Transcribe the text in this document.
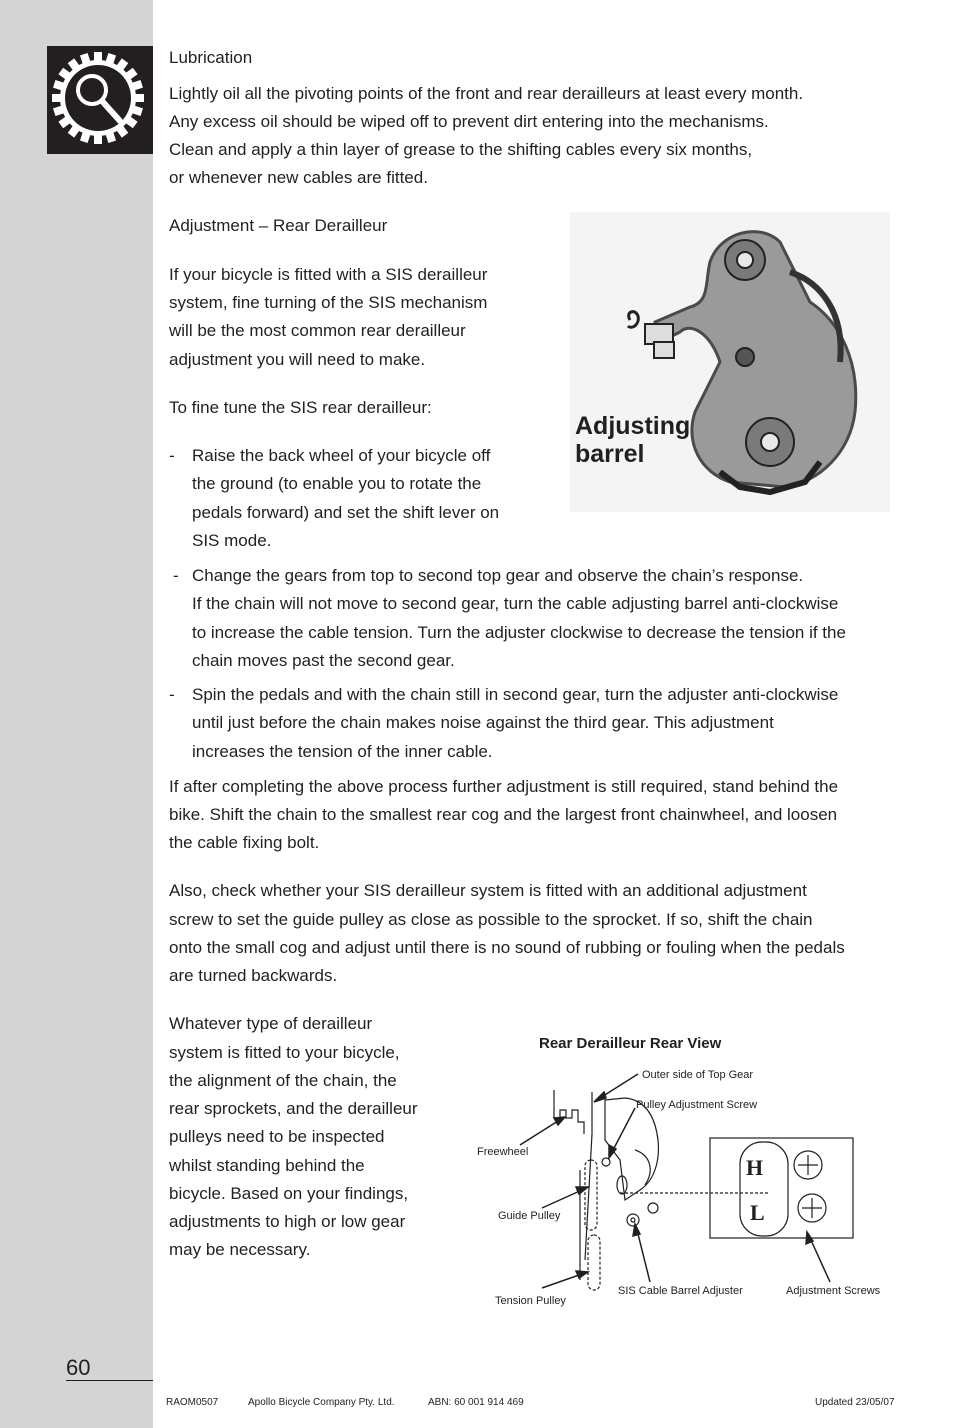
Lubrication
Lightly oil all the pivoting points of the front and rear derailleurs at least every month.
Any excess oil should be wiped off to prevent dirt entering into the mechanisms.
Clean and apply a thin layer of grease to the shifting cables every six months,
or whenever new cables are fitted.
Adjustment – Rear Derailleur
If your bicycle is fitted with a SIS derailleur
system, fine turning of the SIS mechanism
will be the most common rear derailleur
adjustment you will need to make.
To fine tune the SIS rear derailleur:
- Raise the back wheel of your bicycle off
the ground (to enable you to rotate the
pedals forward) and set the shift lever on
SIS mode.
- Change the gears from top to second top gear and observe the chain’s response.
If the chain will not move to second gear, turn the cable adjusting barrel anti-clockwise
to increase the cable tension. Turn the adjuster clockwise to decrease the tension if the
chain moves past the second gear.
- Spin the pedals and with the chain still in second gear, turn the adjuster anti-clockwise
until just before the chain makes noise against the third gear. This adjustment
increases the tension of the inner cable.
If after completing the above process further adjustment is still required, stand behind the
bike. Shift the chain to the smallest rear cog and the largest front chainwheel, and loosen
the cable fixing bolt.
Also, check whether your SIS derailleur system is fitted with an additional adjustment
screw to set the guide pulley as close as possible to the sprocket. If so, shift the chain
onto the small cog and adjust until there is no sound of rubbing or fouling when the pedals
are turned backwards.
Whatever type of derailleur
system is fitted to your bicycle,
the alignment of the chain, the
rear sprockets, and the derailleur
pulleys need to be inspected
whilst standing behind the
bicycle. Based on your findings,
adjustments to high or low gear
may be necessary.
Adjusting
barrel
Rear Derailleur Rear View
H
L
Outer side of Top Gear
Pulley Adjustment Screw
Freewheel
Guide Pulley
Tension Pulley
SIS Cable Barrel Adjuster	Adjustment Screws
60
RAOM0507	Apollo Bicycle Company Pty. Ltd.	ABN: 60 001 914 469	Updated 23/05/07
